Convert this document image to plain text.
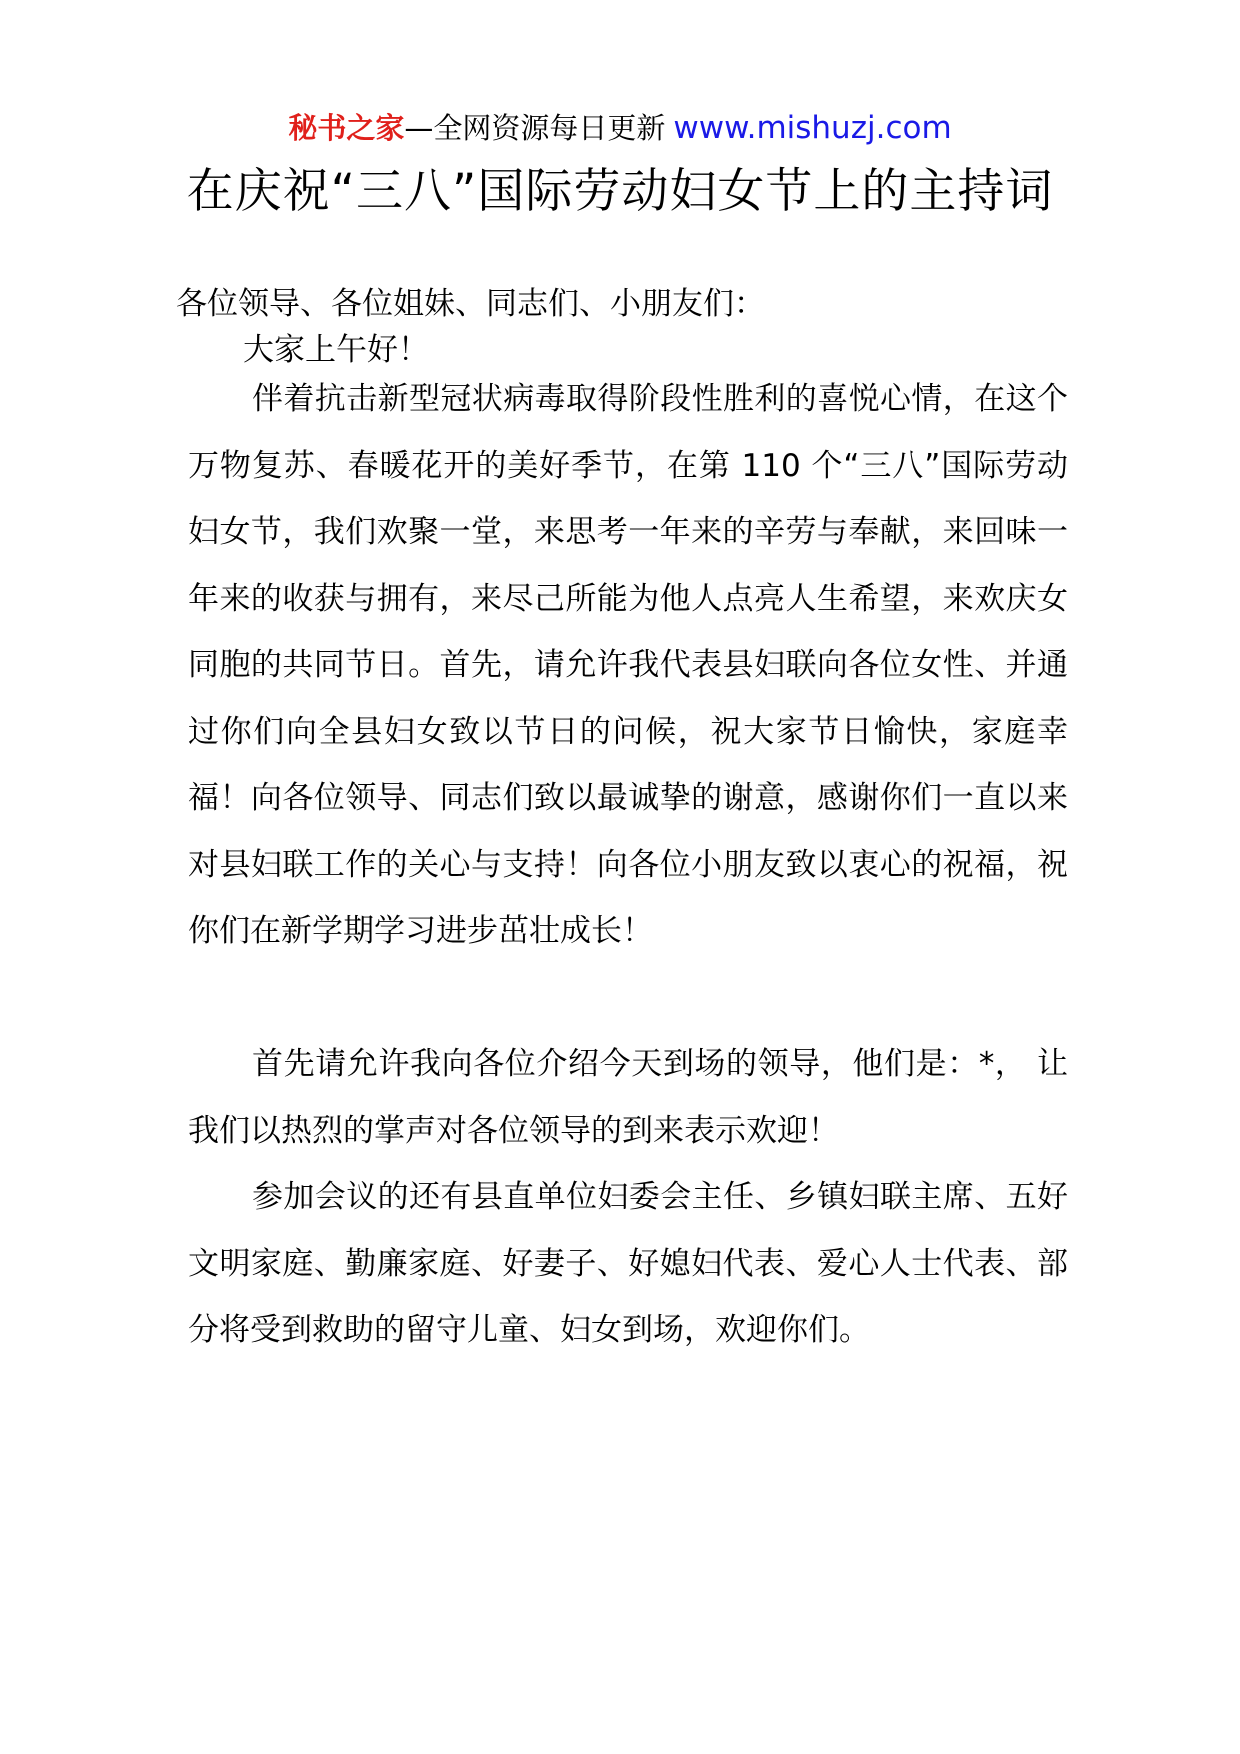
秘书之家—全网资源每日更新 www.mishuzj.com
在庆祝“三八”国际劳动妇女节上的主持词
各位领导、各位姐妹、同志们、小朋友们：
大家上午好！

伴着抗击新型冠状病毒取得阶段性胜利的喜悦心情，在这个万物复苏、春暖花开的美好季节，在第 110 个“三八”国际劳动妇女节，我们欢聚一堂，来思考一年来的辛劳与奉献，来回味一年来的收获与拥有，来尽己所能为他人点亮人生希望，来欢庆女同胞的共同节日。首先，请允许我代表县妇联向各位女性、并通过你们向全县妇女致以节日的问候，祝大家节日愉快，家庭幸福！向各位领导、同志们致以最诚挚的谢意，感谢你们一直以来对县妇联工作的关心与支持！向各位小朋友致以衷心的祝福，祝你们在新学期学习进步茁壮成长！

首先请允许我向各位介绍今天到场的领导，他们是：*， 让我们以热烈的掌声对各位领导的到来表示欢迎！

参加会议的还有县直单位妇委会主任、乡镇妇联主席、五好文明家庭、勤廉家庭、好妻子、好媳妇代表、爱心人士代表、部分将受到救助的留守儿童、妇女到场，欢迎你们。
